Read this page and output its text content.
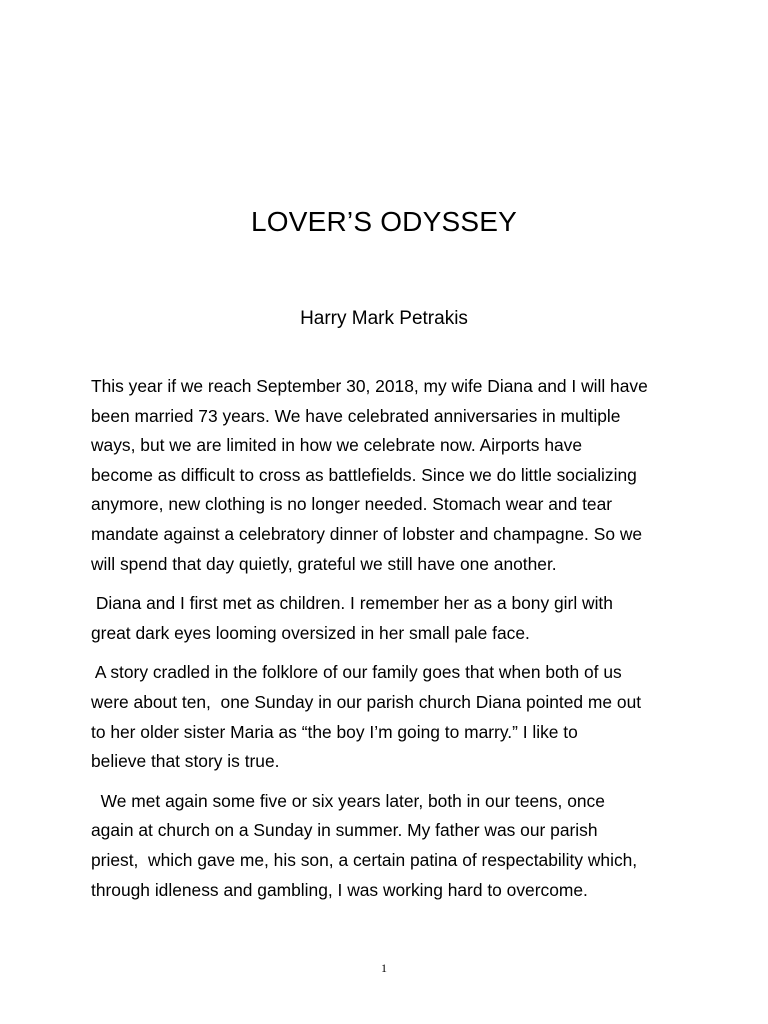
LOVER’S ODYSSEY
Harry Mark Petrakis

This year if we reach September 30, 2018, my wife Diana and I will have
been married 73 years. We have celebrated anniversaries in multiple
ways, but we are limited in how we celebrate now. Airports have
become as difficult to cross as battlefields. Since we do little socializing
anymore, new clothing is no longer needed. Stomach wear and tear
mandate against a celebratory dinner of lobster and champagne. So we
will spend that day quietly, grateful we still have one another.

Diana and I first met as children. I remember her as a bony girl with
great dark eyes looming oversized in her small pale face.

A story cradled in the folklore of our family goes that when both of us
were about ten,  one Sunday in our parish church Diana pointed me out
to her older sister Maria as “the boy I’m going to marry.” I like to
believe that story is true.

We met again some five or six years later, both in our teens, once
again at church on a Sunday in summer. My father was our parish
priest,  which gave me, his son, a certain patina of respectability which,
through idleness and gambling, I was working hard to overcome.

1
